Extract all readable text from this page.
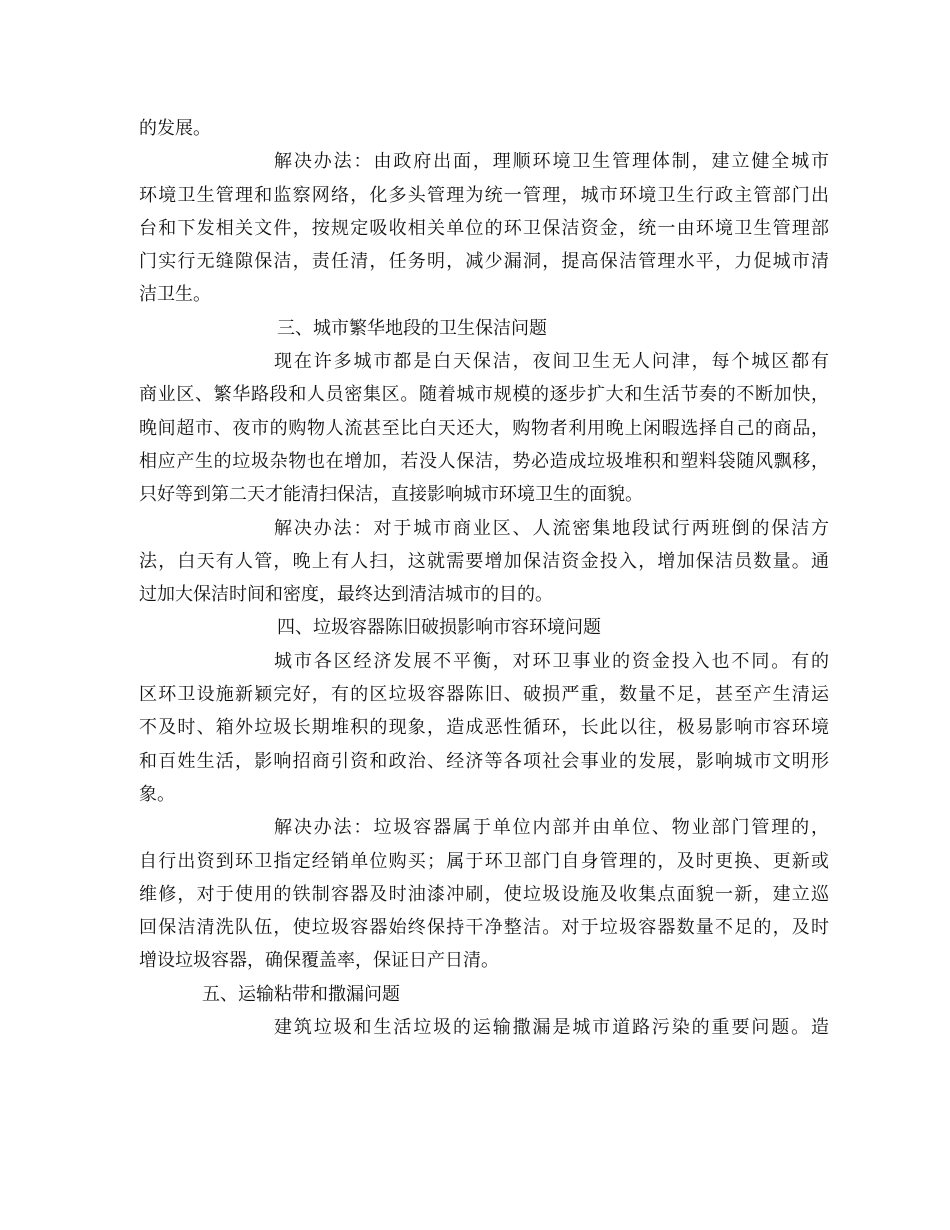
的发展。
解决办法：由政府出面，理顺环境卫生管理体制，建立健全城市
环境卫生管理和监察网络，化多头管理为统一管理，城市环境卫生行政主管部门出
台和下发相关文件，按规定吸收相关单位的环卫保洁资金，统一由环境卫生管理部
门实行无缝隙保洁，责任清，任务明，减少漏洞，提高保洁管理水平，力促城市清
洁卫生。
三、城市繁华地段的卫生保洁问题
现在许多城市都是白天保洁，夜间卫生无人问津，每个城区都有
商业区、繁华路段和人员密集区。随着城市规模的逐步扩大和生活节奏的不断加快，
晚间超市、夜市的购物人流甚至比白天还大，购物者利用晚上闲暇选择自己的商品，
相应产生的垃圾杂物也在增加，若没人保洁，势必造成垃圾堆积和塑料袋随风飘移，
只好等到第二天才能清扫保洁，直接影响城市环境卫生的面貌。
解决办法：对于城市商业区、人流密集地段试行两班倒的保洁方
法，白天有人管，晚上有人扫，这就需要增加保洁资金投入，增加保洁员数量。通
过加大保洁时间和密度，最终达到清洁城市的目的。
四、垃圾容器陈旧破损影响市容环境问题
城市各区经济发展不平衡，对环卫事业的资金投入也不同。有的
区环卫设施新颖完好，有的区垃圾容器陈旧、破损严重，数量不足，甚至产生清运
不及时、箱外垃圾长期堆积的现象，造成恶性循环，长此以往，极易影响市容环境
和百姓生活，影响招商引资和政治、经济等各项社会事业的发展，影响城市文明形
象。
解决办法：垃圾容器属于单位内部并由单位、物业部门管理的，
自行出资到环卫指定经销单位购买；属于环卫部门自身管理的，及时更换、更新或
维修，对于使用的铁制容器及时油漆冲刷，使垃圾设施及收集点面貌一新，建立巡
回保洁清洗队伍，使垃圾容器始终保持干净整洁。对于垃圾容器数量不足的，及时
增设垃圾容器，确保覆盖率，保证日产日清。
五、运输粘带和撒漏问题
建筑垃圾和生活垃圾的运输撒漏是城市道路污染的重要问题。造
